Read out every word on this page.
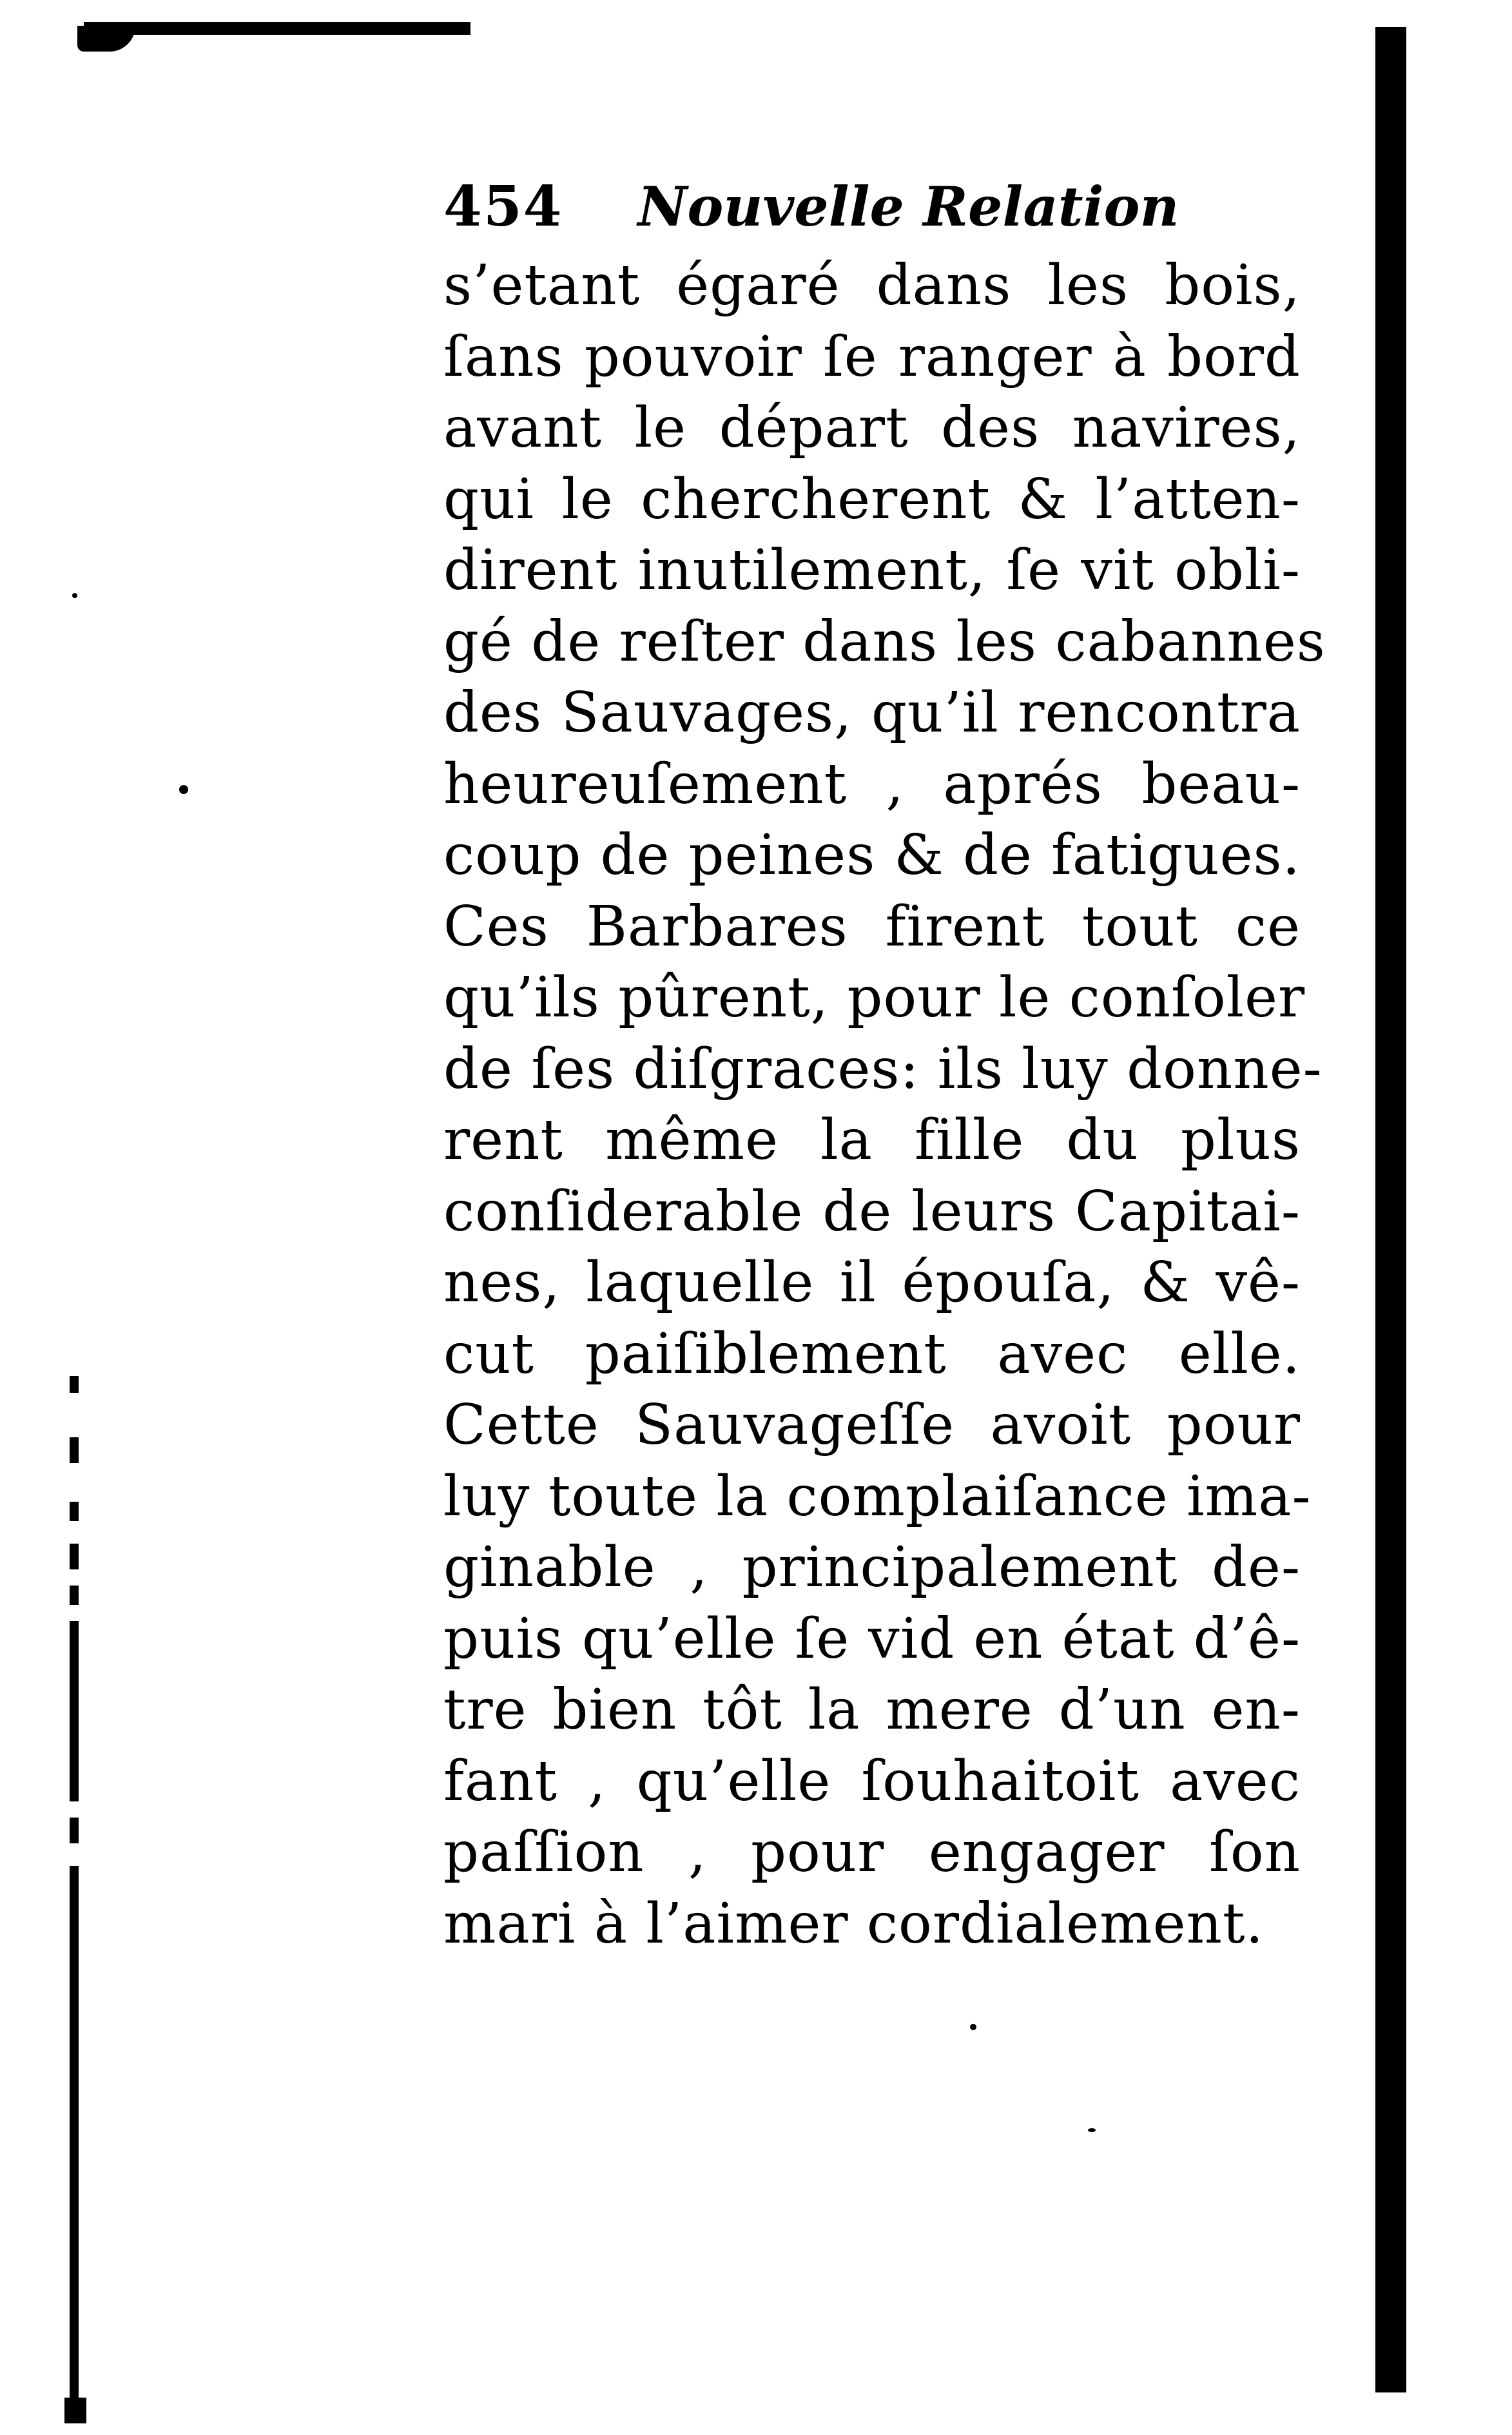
454 Nouvelle Relation
s’etant égaré dans les bois,
ſans pouvoir ſe ranger à bord
avant le départ des navires,
qui le chercherent & l’atten-
dirent inutilement, ſe vit obli-
gé de reſter dans les cabannes
des Sauvages, qu’il rencontra
heureuſement , aprés beau-
coup de peines & de fatigues.
Ces Barbares firent tout ce
qu’ils pûrent, pour le conſoler
de ſes diſgraces: ils luy donne-
rent même la fille du plus
conſiderable de leurs Capitai-
nes, laquelle il épouſa, & vê-
cut paiſiblement avec elle.
Cette Sauvageſſe avoit pour
luy toute la complaiſance ima-
ginable , principalement de-
puis qu’elle ſe vid en état d’ê-
tre bien tôt la mere d’un en-
fant , qu’elle ſouhaitoit avec
paſſion , pour engager ſon
mari à l’aimer cordialement.
